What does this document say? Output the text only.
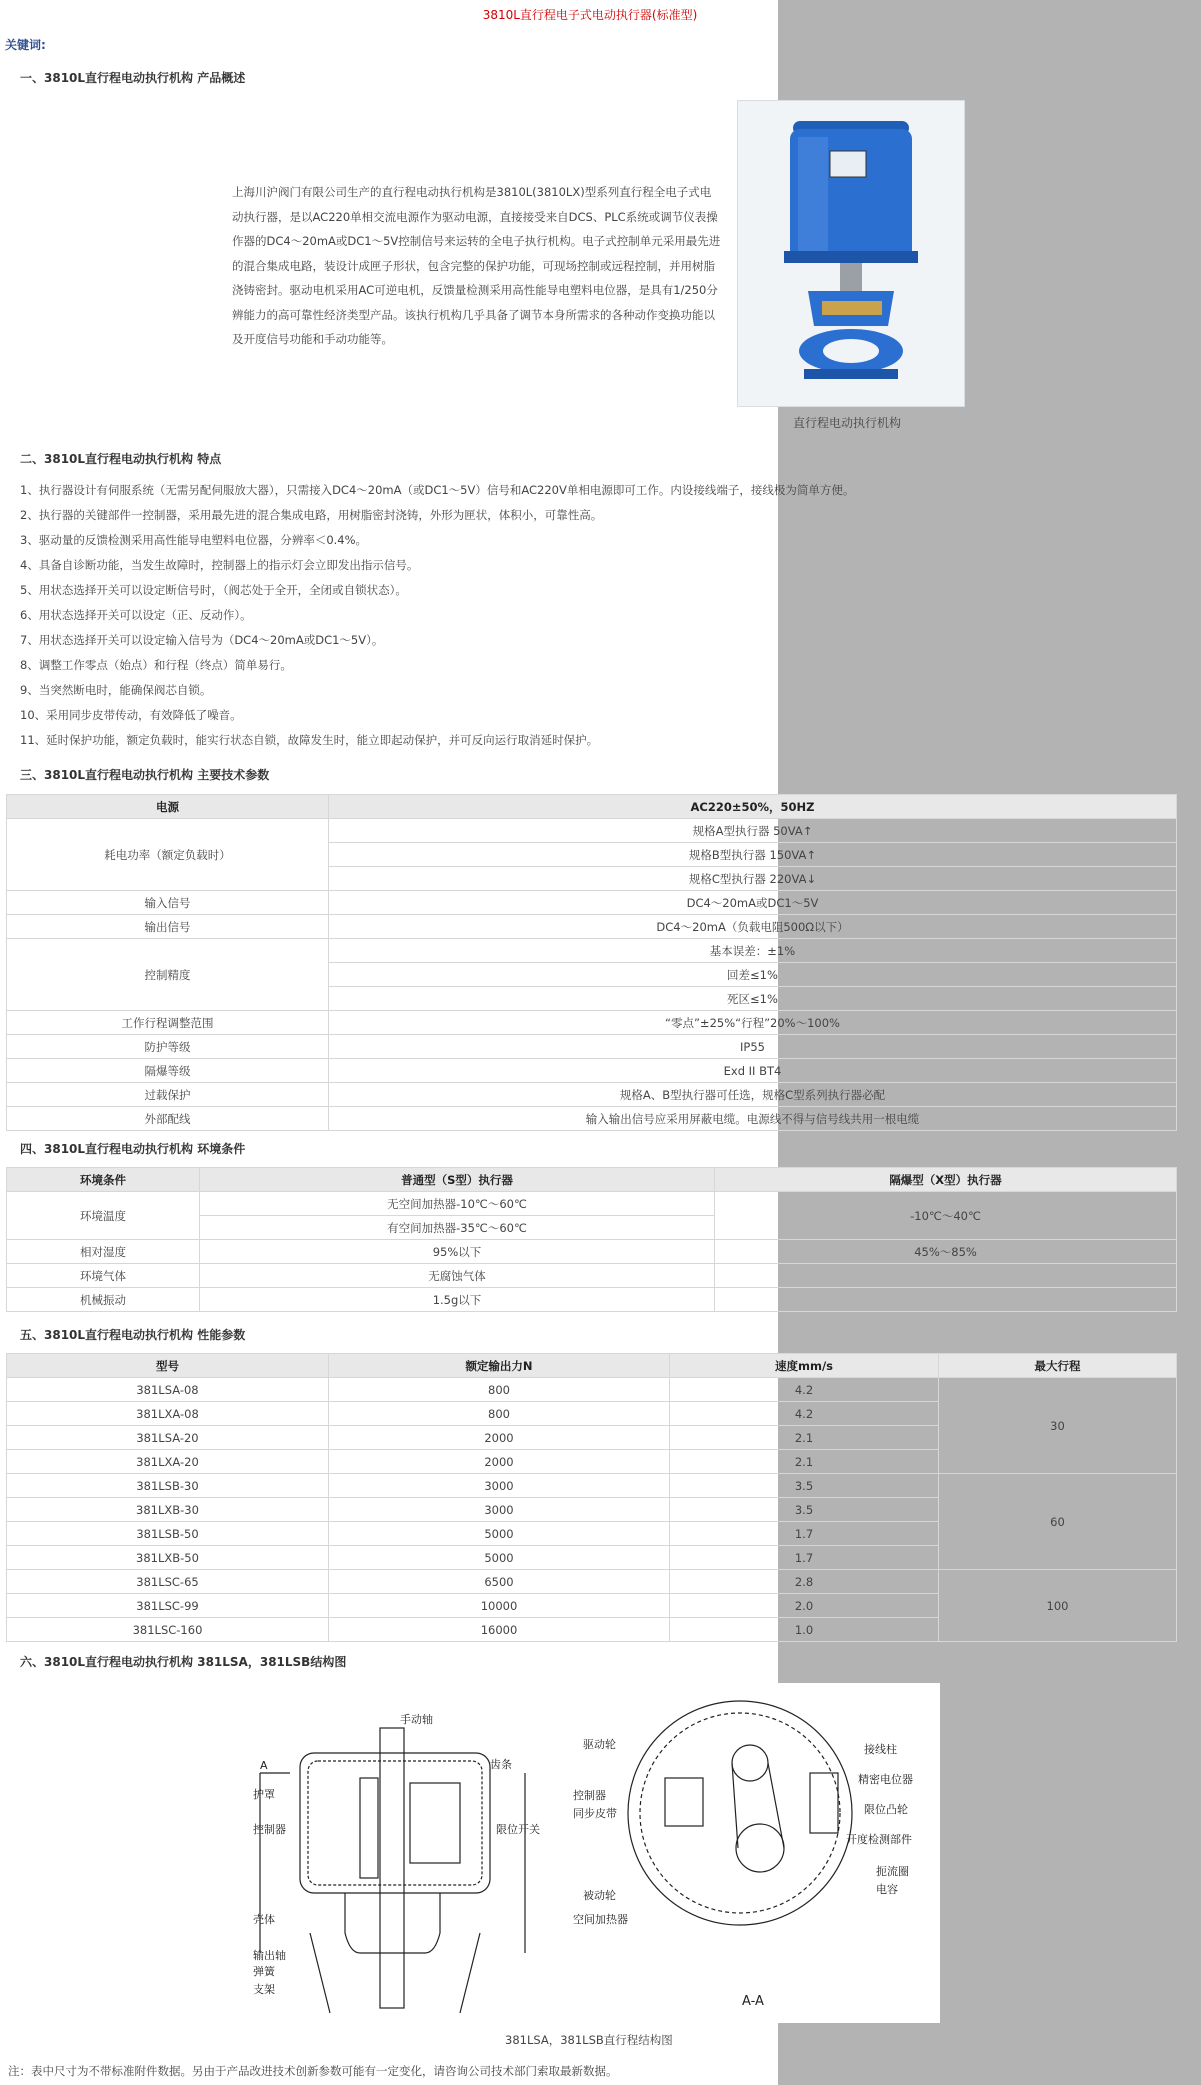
3810L直行程电子式电动执行器(标准型)
关键词:
一、3810L直行程电动执行机构 产品概述
上海川沪阀门有限公司生产的直行程电动执行机构是3810L(3810LX)型系列直行程全电子式电动执行器，是以AC220单相交流电源作为驱动电源，直接接受来自DCS、PLC系统或调节仪表操作器的DC4～20mA或DC1～5V控制信号来运转的全电子执行机构。电子式控制单元采用最先进的混合集成电路，装设计成匣子形状，包含完整的保护功能，可现场控制或远程控制，并用树脂浇铸密封。驱动电机采用AC可逆电机，反馈量检测采用高性能导电塑料电位器，是具有1/250分辨能力的高可靠性经济类型产品。该执行机构几乎具备了调节本身所需求的各种动作变换功能以及开度信号功能和手动功能等。
直行程电动执行机构
二、3810L直行程电动执行机构 特点
1、执行器设计有伺服系统（无需另配伺服放大器），只需接入DC4～20mA（或DC1～5V）信号和AC220V单相电源即可工作。内设接线端子，接线极为简单方便。
2、执行器的关键部件一控制器，采用最先进的混合集成电路，用树脂密封浇铸，外形为匣状，体积小，可靠性高。
3、驱动量的反馈检测采用高性能导电塑料电位器，分辨率＜0.4%。
4、具备自诊断功能，当发生故障时，控制器上的指示灯会立即发出指示信号。
5、用状态选择开关可以设定断信号时，（阀芯处于全开，全闭或自锁状态）。
6、用状态选择开关可以设定（正、反动作）。
7、用状态选择开关可以设定输入信号为（DC4～20mA或DC1～5V）。
8、调整工作零点（始点）和行程（终点）简单易行。
9、当突然断电时，能确保阀芯自锁。
10、采用同步皮带传动，有效降低了噪音。
11、延时保护功能，额定负载时，能实行状态自锁，故障发生时，能立即起动保护，并可反向运行取消延时保护。
三、3810L直行程电动执行机构 主要技术参数
电源	AC220±50%，50HZ
耗电功率（额定负载时）	规格A型执行器 50VA↑
	规格B型执行器 150VA↑
	规格C型执行器 220VA↓
输入信号	DC4～20mA或DC1～5V
输出信号	DC4～20mA（负载电阻500Ω以下）
控制精度	基本误差：±1%
	回差≤1%
	死区≤1%
工作行程调整范围	“零点”±25%“行程”20%～100%
防护等级	IP55
隔爆等级	Exd II BT4
过载保护	规格A、B型执行器可任选，规格C型系列执行器必配
外部配线	输入输出信号应采用屏蔽电缆。电源线不得与信号线共用一根电缆
四、3810L直行程电动执行机构 环境条件
环境条件	普通型（S型）执行器	隔爆型（X型）执行器
环境温度	无空间加热器-10℃～60℃	-10℃～40℃
	有空间加热器-35℃～60℃	
相对湿度	95%以下	45%～85%
环境气体	无腐蚀气体	
机械振动	1.5g以下	
五、3810L直行程电动执行机构 性能参数
型号	额定输出力N	速度mm/s	最大行程
381LSA-08	800	4.2	30
381LXA-08	800	4.2	
381LSA-20	2000	2.1	
381LXA-20	2000	2.1	
381LSB-30	3000	3.5	60
381LXB-30	3000	3.5	
381LSB-50	5000	1.7	
381LXB-50	5000	1.7	
381LSC-65	6500	2.8	100
381LSC-99	10000	2.0	
381LSC-160	16000	1.0	
六、3810L直行程电动执行机构 381LSA，381LSB结构图
A
手动轴
护罩
控制器
齿条
限位开关
壳体
输出轴
弹簧
支架
驱动轮
控制器
同步皮带
被动轮
空间加热器
接线柱
精密电位器
限位凸轮
开度检测部件
扼流圈
电容
A-A
381LSA，381LSB直行程结构图
注：表中尺寸为不带标准附件数据。另由于产品改进技术创新参数可能有一定变化，请咨询公司技术部门索取最新数据。
